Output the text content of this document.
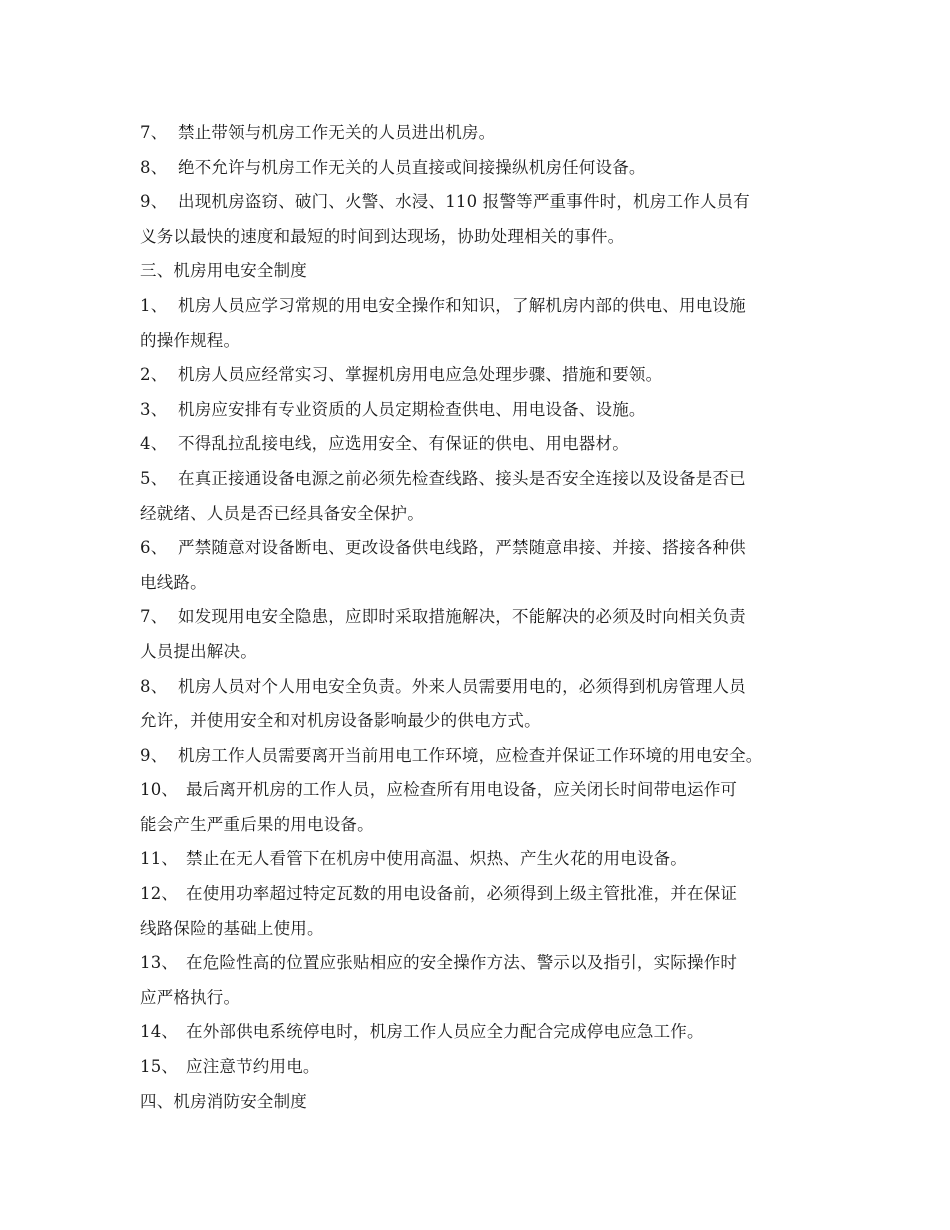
7、 禁止带领与机房工作无关的人员进出机房。
8、 绝不允许与机房工作无关的人员直接或间接操纵机房任何设备。
9、 出现机房盗窃、破门、火警、水浸、110 报警等严重事件时，机房工作人员有
义务以最快的速度和最短的时间到达现场，协助处理相关的事件。
三、机房用电安全制度
1、 机房人员应学习常规的用电安全操作和知识，了解机房内部的供电、用电设施
的操作规程。
2、 机房人员应经常实习、掌握机房用电应急处理步骤、措施和要领。
3、 机房应安排有专业资质的人员定期检查供电、用电设备、设施。
4、 不得乱拉乱接电线，应选用安全、有保证的供电、用电器材。
5、 在真正接通设备电源之前必须先检查线路、接头是否安全连接以及设备是否已
经就绪、人员是否已经具备安全保护。
6、 严禁随意对设备断电、更改设备供电线路，严禁随意串接、并接、搭接各种供
电线路。
7、 如发现用电安全隐患，应即时采取措施解决，不能解决的必须及时向相关负责
人员提出解决。
8、 机房人员对个人用电安全负责。外来人员需要用电的，必须得到机房管理人员
允许，并使用安全和对机房设备影响最少的供电方式。
9、 机房工作人员需要离开当前用电工作环境，应检查并保证工作环境的用电安全。
10、 最后离开机房的工作人员，应检查所有用电设备，应关闭长时间带电运作可
能会产生严重后果的用电设备。
11、 禁止在无人看管下在机房中使用高温、炽热、产生火花的用电设备。
12、 在使用功率超过特定瓦数的用电设备前，必须得到上级主管批准，并在保证
线路保险的基础上使用。
13、 在危险性高的位置应张贴相应的安全操作方法、警示以及指引，实际操作时
应严格执行。
14、 在外部供电系统停电时，机房工作人员应全力配合完成停电应急工作。
15、 应注意节约用电。
四、机房消防安全制度
